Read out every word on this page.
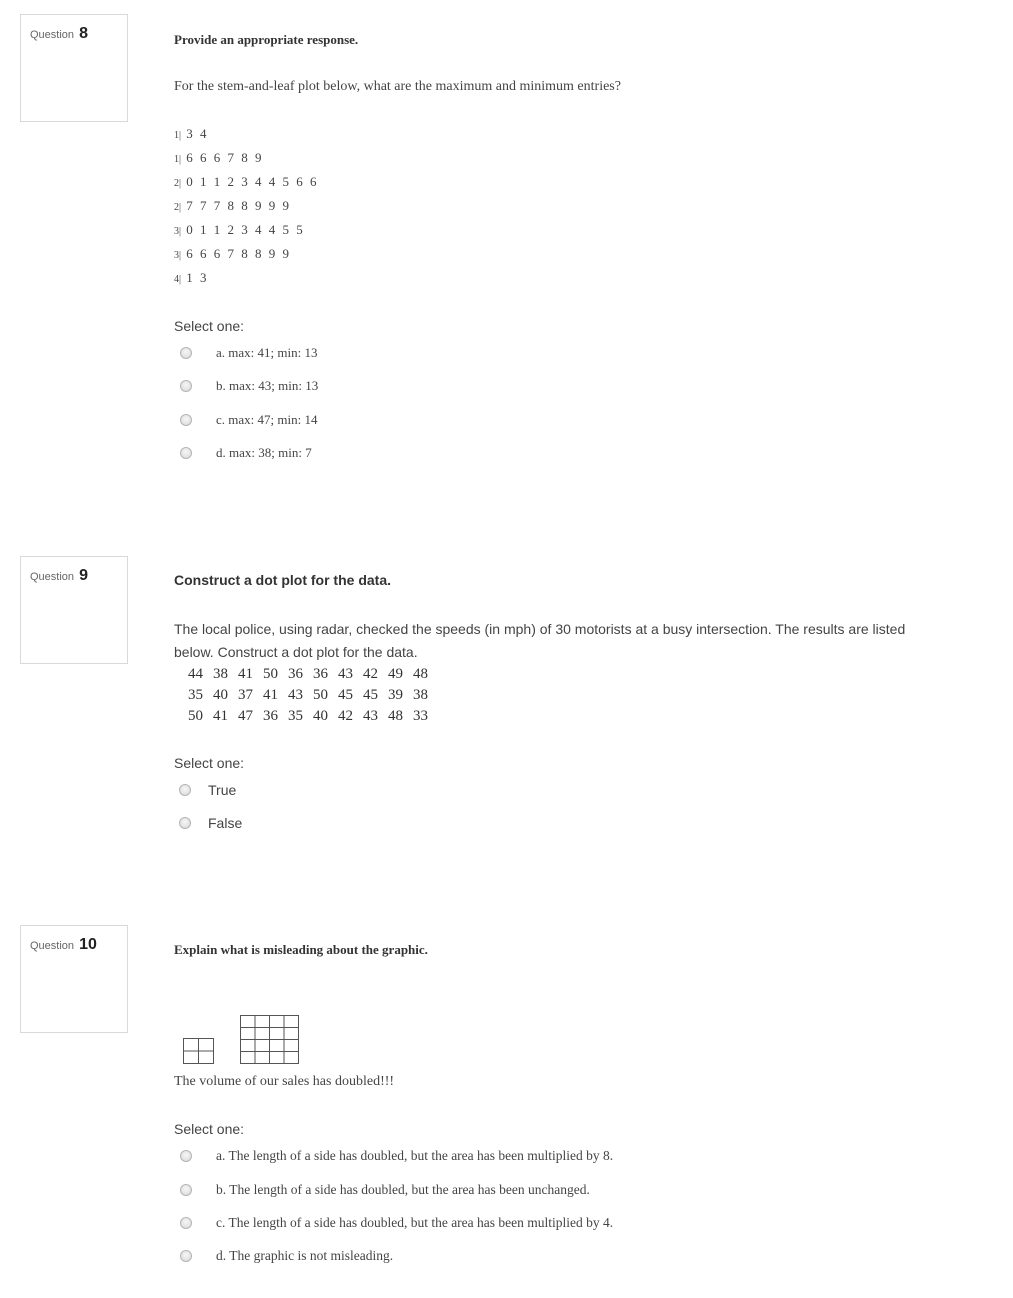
Question 8	Provide an appropriate response.
For the stem-and-leaf plot below, what are the maximum and minimum entries?
1| 3 4
1| 6 6 6 7 8 9
2| 0 1 1 2 3 4 4 5 6 6
2| 7 7 7 8 8 9 9 9
3| 0 1 1 2 3 4 4 5 5
3| 6 6 6 7 8 8 9 9
4| 1 3
Select one:
a. max: 41; min: 13
b. max: 43; min: 13
c. max: 47; min: 14
d. max: 38; min: 7
Question 9	Construct a dot plot for the data.
The local police, using radar, checked the speeds (in mph) of 30 motorists at a busy intersection. The results are listed
below. Construct a dot plot for the data.
44	38	41	50	36	36	43	42	49	48
35	40	37	41	43	50	45	45	39	38
50	41	47	36	35	40	42	43	48	33
Select one:
True
False
Question 10	Explain what is misleading about the graphic.
The volume of our sales has doubled!!!
Select one:
a. The length of a side has doubled, but the area has been multiplied by 8.
b. The length of a side has doubled, but the area has been unchanged.
c. The length of a side has doubled, but the area has been multiplied by 4.
d. The graphic is not misleading.
